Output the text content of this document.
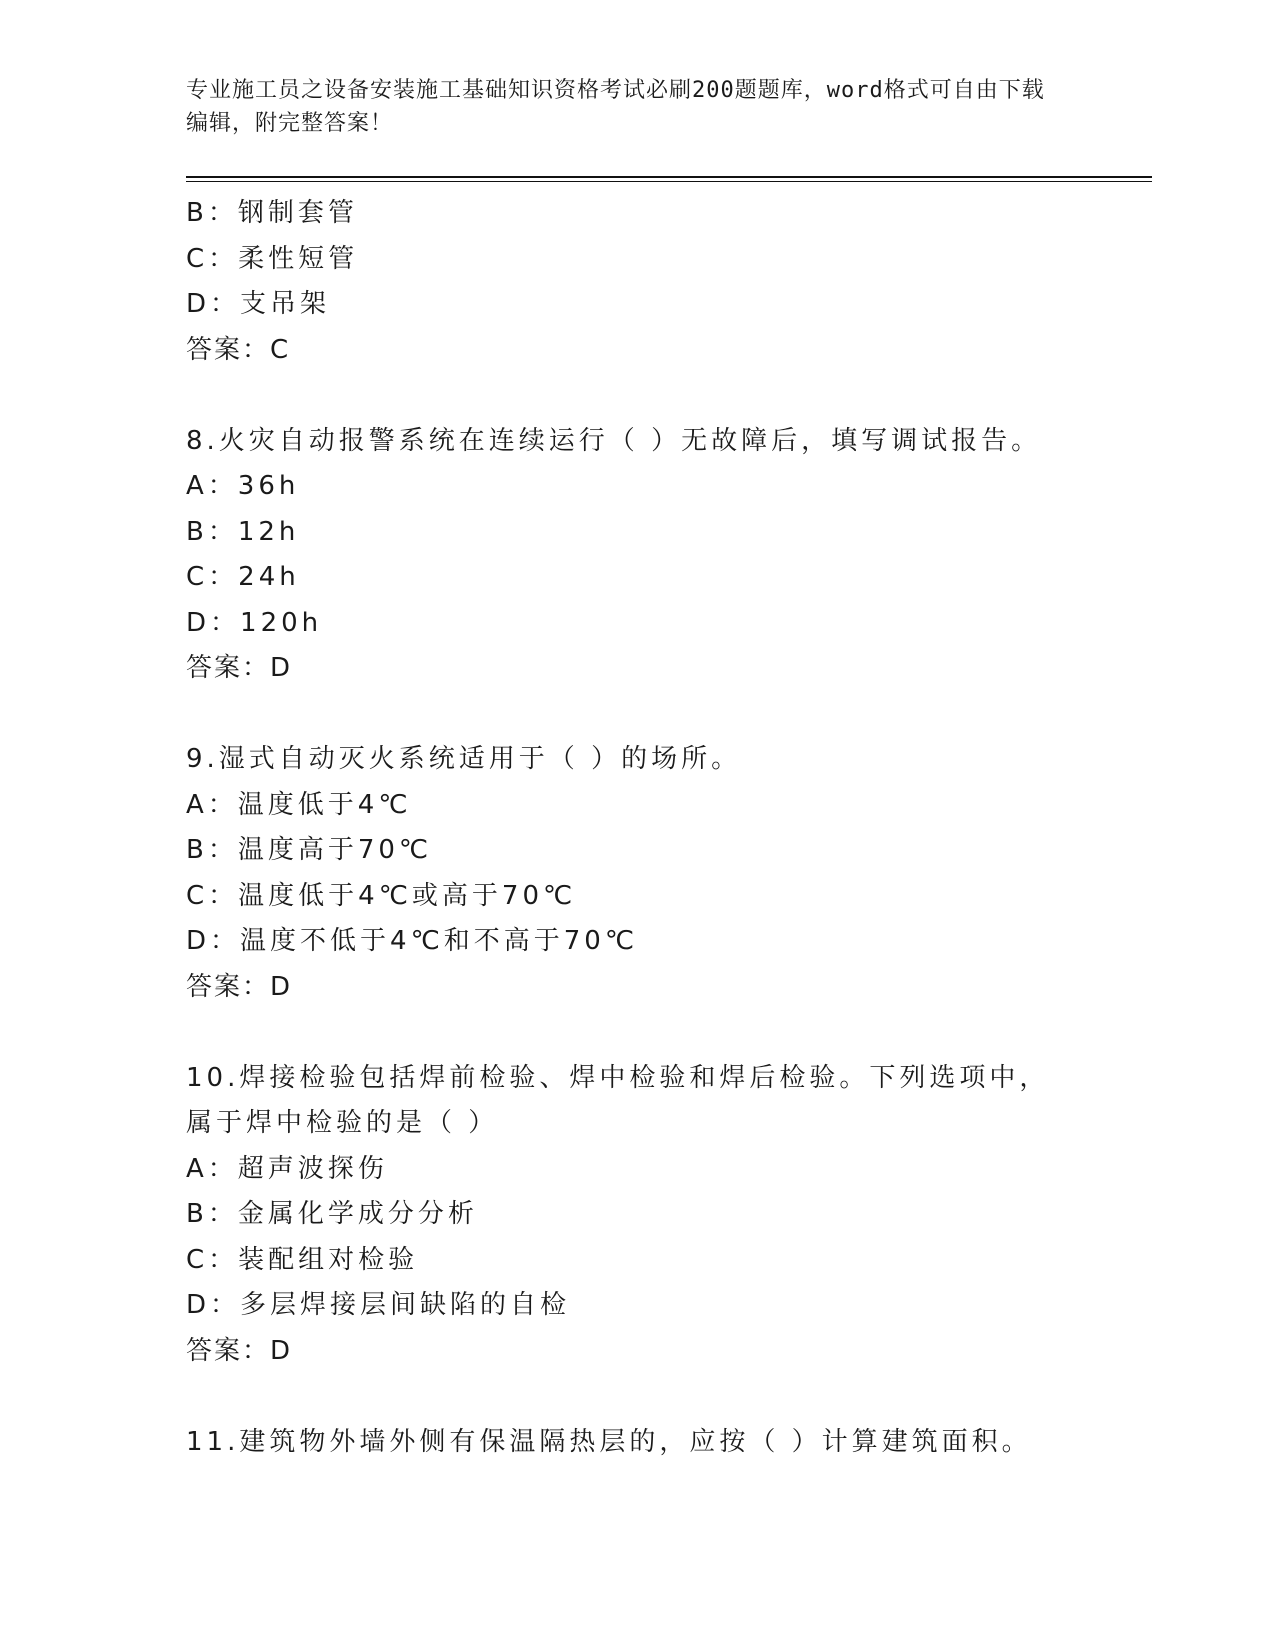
专业施工员之设备安装施工基础知识资格考试必刷200题题库，word格式可自由下载编辑，附完整答案！
B：钢制套管
C：柔性短管
D：支吊架
答案：C
8.火灾自动报警系统在连续运行（ ）无故障后，填写调试报告。
A：36h
B：12h
C：24h
D：120h
答案：D
9.湿式自动灭火系统适用于（ ）的场所。
A：温度低于4℃
B：温度高于70℃
C：温度低于4℃或高于70℃
D：温度不低于4℃和不高于70℃
答案：D
10.焊接检验包括焊前检验、焊中检验和焊后检验。下列选项中，属于焊中检验的是（ ）
A：超声波探伤
B：金属化学成分分析
C：装配组对检验
D：多层焊接层间缺陷的自检
答案：D
11.建筑物外墙外侧有保温隔热层的，应按（ ）计算建筑面积。
